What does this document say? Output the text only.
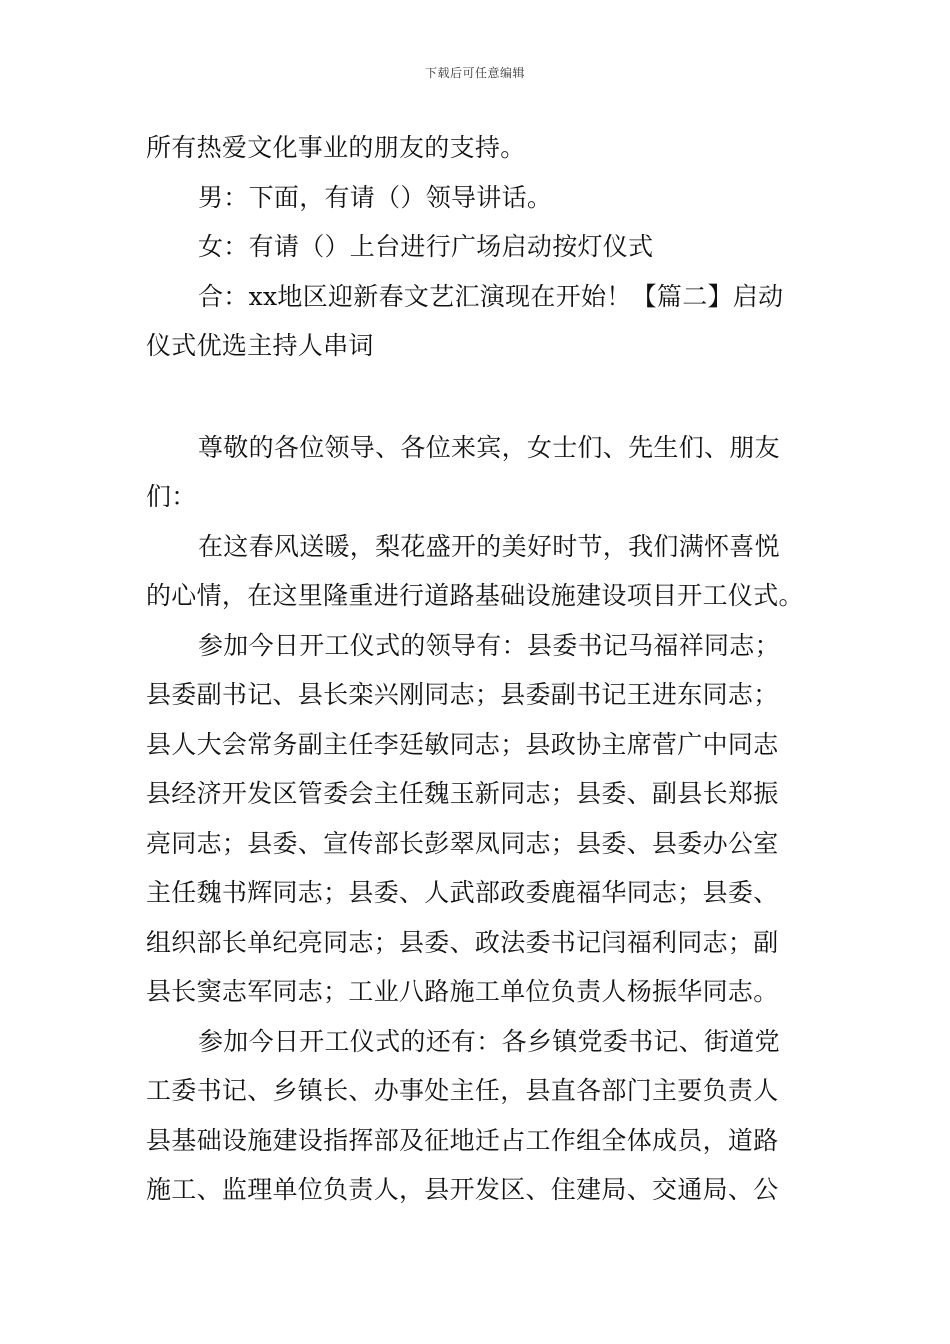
下载后可任意编辑
所有热爱文化事业的朋友的支持。
男：下面，有请（）领导讲话。
女：有请（）上台进行广场启动按灯仪式
合：xx地区迎新春文艺汇演现在开始！【篇二】启动
仪式优选主持人串词
尊敬的各位领导、各位来宾，女士们、先生们、朋友
们：
在这春风送暖，梨花盛开的美好时节，我们满怀喜悦
的心情，在这里隆重进行道路基础设施建设项目开工仪式。
参加今日开工仪式的领导有：县委书记马福祥同志；
县委副书记、县长栾兴刚同志；县委副书记王进东同志；
县人大会常务副主任李廷敏同志；县政协主席菅广中同志
县经济开发区管委会主任魏玉新同志；县委、副县长郑振
亮同志；县委、宣传部长彭翠凤同志；县委、县委办公室
主任魏书辉同志；县委、人武部政委鹿福华同志；县委、
组织部长单纪亮同志；县委、政法委书记闫福利同志；副
县长窦志军同志；工业八路施工单位负责人杨振华同志。
参加今日开工仪式的还有：各乡镇党委书记、街道党
工委书记、乡镇长、办事处主任，县直各部门主要负责人
县基础设施建设指挥部及征地迁占工作组全体成员，道路
施工、监理单位负责人，县开发区、住建局、交通局、公
